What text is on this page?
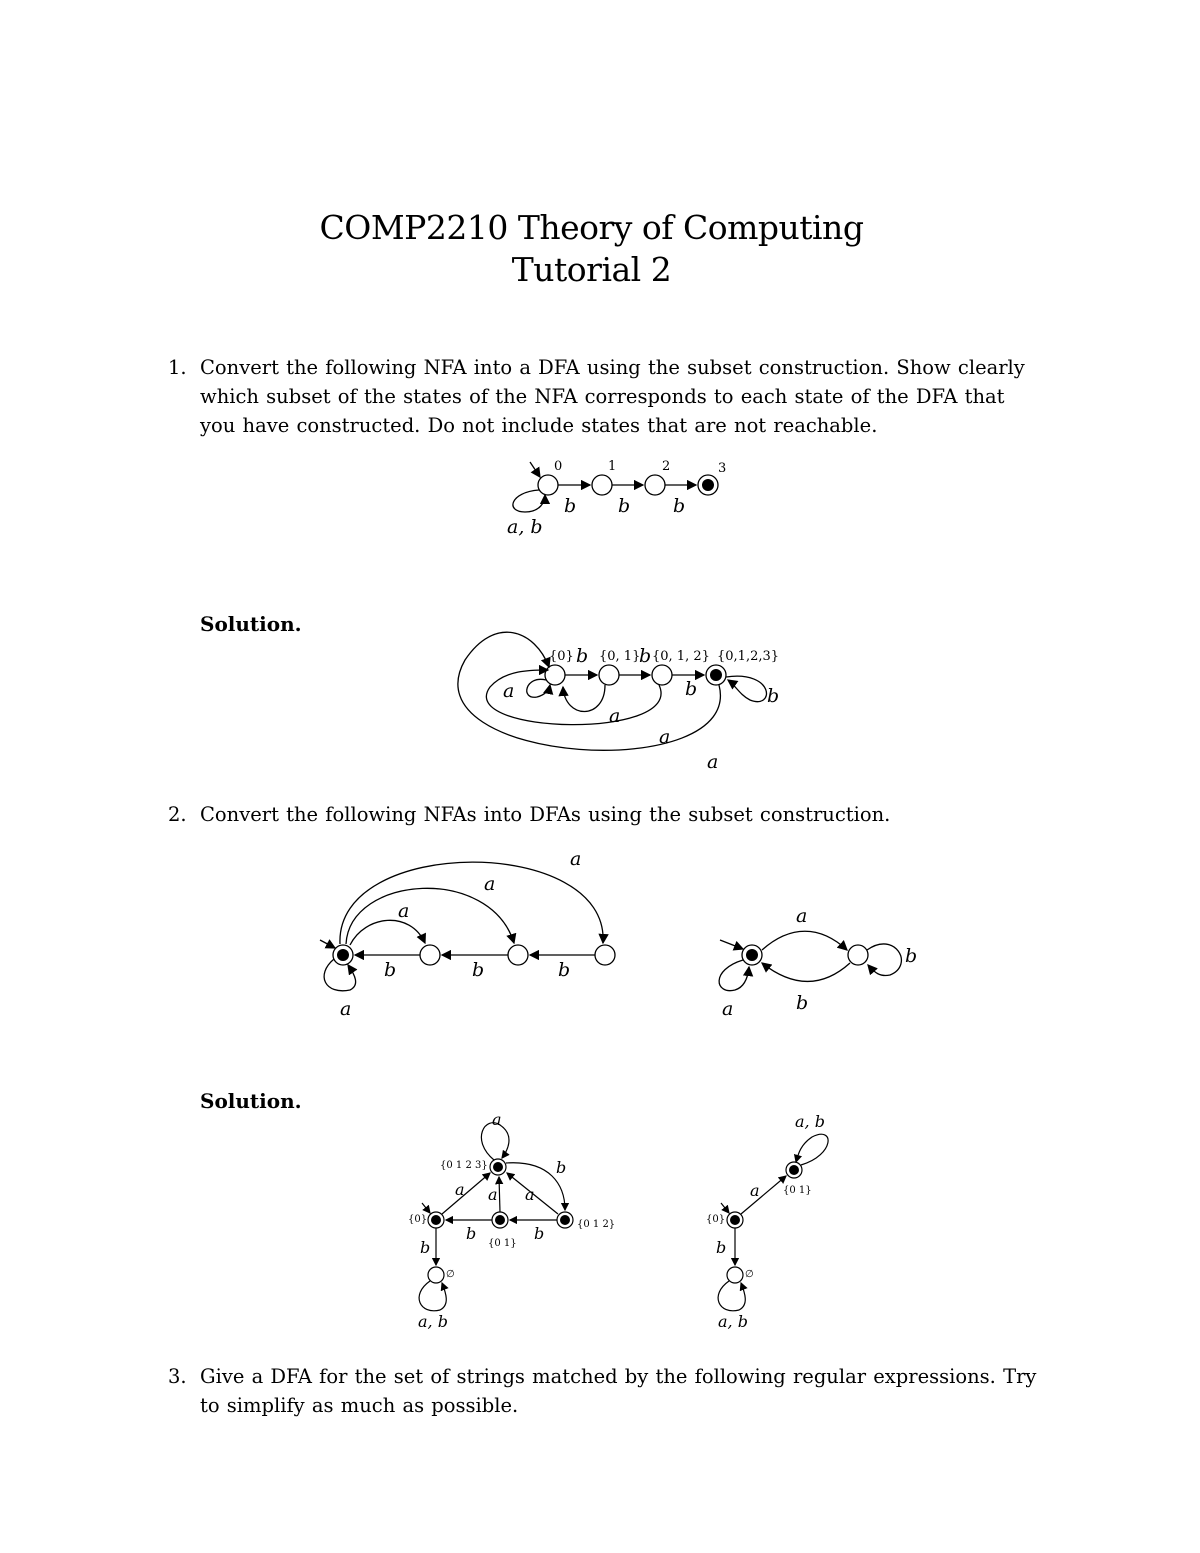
COMP2210 Theory of Computing
Tutorial 2
1. Convert the following NFA into a DFA using the subset construction. Show clearly which subset of the states of the NFA corresponds to each state of the DFA that you have constructed. Do not include states that are not reachable.
0	1	2	3
b b b
a, b
Solution.
{0} {0, 1} {0, 1, 2} {0,1,2,3}
b	b
b
a	b
a
a
a
2. Convert the following NFAs into DFAs using the subset construction.
a
a
a
b	b	b
a
a
b
a
b
Solution.
{0}
{0 1 2 3}
{0 1}
{0 1 2}
∅
a
b
a a a
b	b
b
a, b
{0}
{0 1}
∅
a, b
a
b
a, b
3. Give a DFA for the set of strings matched by the following regular expressions. Try to simplify as much as possible.
